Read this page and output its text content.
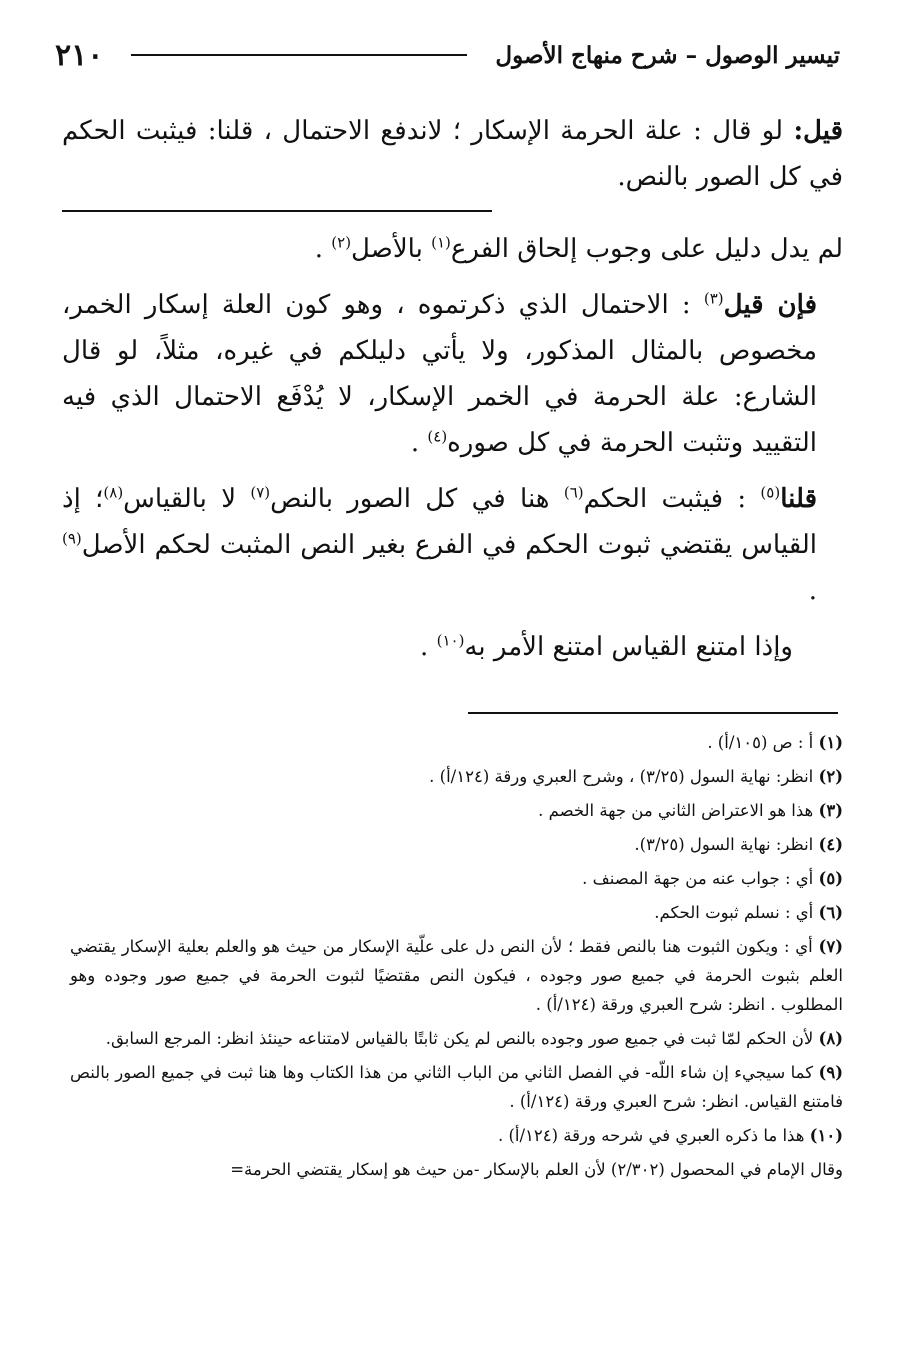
تيسير الوصول – شرح منهاج الأصول
٢١٠

قيل: لو قال : علة الحرمة الإسكار ؛ لاندفع الاحتمال ، قلنا: فيثبت الحكم في كل الصور بالنص.

لم يدل دليل على وجوب إلحاق الفرع$^{(١)}$ بالأصل$^{(٢)}$ .

فإن قيل$^{(٣)}$ : الاحتمال الذي ذكرتموه ، وهو كون العلة إسكار الخمر، مخصوص بالمثال المذكور، ولا يأتي دليلكم في غيره، مثلاً، لو قال الشارع: علة الحرمة في الخمر الإسكار، لا يُدْفَع الاحتمال الذي فيه التقييد وتثبت الحرمة في كل صوره$^{(٤)}$ .

قلنا$^{(٥)}$ : فيثبت الحكم$^{(٦)}$ هنا في كل الصور بالنص$^{(٧)}$ لا بالقياس$^{(٨)}$؛ إذ القياس يقتضي ثبوت الحكم في الفرع بغير النص المثبت لحكم الأصل$^{(٩)}$ .

وإذا امتنع القياس امتنع الأمر به$^{(١٠)}$ .

(١) أ : ص (١٠٥/أ) .
(٢) انظر: نهاية السول (٣/٢٥) ، وشرح العبري ورقة (١٢٤/أ) .
(٣) هذا هو الاعتراض الثاني من جهة الخصم .
(٤) انظر: نهاية السول (٣/٢٥).
(٥) أي : جواب عنه من جهة المصنف .
(٦) أي : نسلم ثبوت الحكم.
(٧) أي : ويكون الثبوت هنا بالنص فقط ؛ لأن النص دل على علّية الإسكار من حيث هو والعلم بعلية الإسكار يقتضي العلم بثبوت الحرمة في جميع صور وجوده ، فيكون النص مقتضيًا لثبوت الحرمة في جميع صور وجوده وهو المطلوب . انظر: شرح العبري ورقة (١٢٤/أ) .
(٨) لأن الحكم لمّا ثبت في جميع صور وجوده بالنص لم يكن ثابتًا بالقياس لامتناعه حينئذ انظر: المرجع السابق.
(٩) كما سيجيء إن شاء اللّه- في الفصل الثاني من الباب الثاني من هذا الكتاب وها هنا ثبت في جميع الصور بالنص فامتنع القياس. انظر: شرح العبري ورقة (١٢٤/أ) .
(١٠) هذا ما ذكره العبري في شرحه ورقة (١٢٤/أ) .
وقال الإمام في المحصول (٢/٣٠٢) لأن العلم بالإسكار -من حيث هو إسكار يقتضي الحرمة=
